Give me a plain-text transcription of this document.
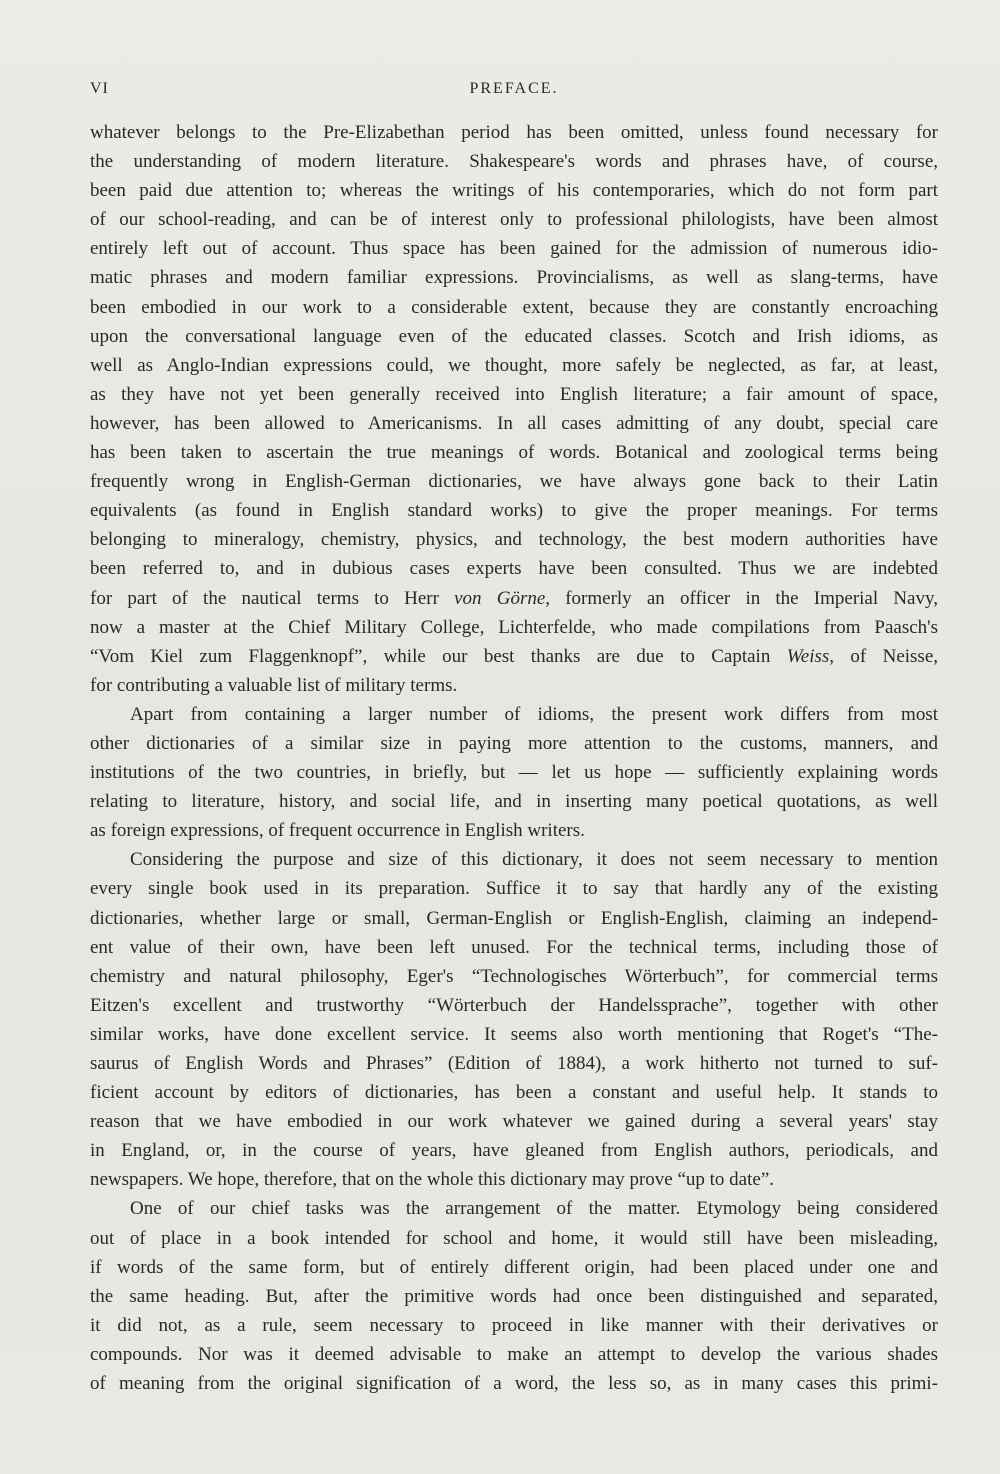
VI	PREFACE.

whatever belongs to the Pre-Elizabethan period has been omitted, unless found necessary for
the understanding of modern literature. Shakespeare's words and phrases have, of course,
been paid due attention to; whereas the writings of his contemporaries, which do not form part
of our school-reading, and can be of interest only to professional philologists, have been almost
entirely left out of account. Thus space has been gained for the admission of numerous idio-
matic phrases and modern familiar expressions. Provincialisms, as well as slang-terms, have
been embodied in our work to a considerable extent, because they are constantly encroaching
upon the conversational language even of the educated classes. Scotch and Irish idioms, as
well as Anglo-Indian expressions could, we thought, more safely be neglected, as far, at least,
as they have not yet been generally received into English literature; a fair amount of space,
however, has been allowed to Americanisms. In all cases admitting of any doubt, special care
has been taken to ascertain the true meanings of words. Botanical and zoological terms being
frequently wrong in English-German dictionaries, we have always gone back to their Latin
equivalents (as found in English standard works) to give the proper meanings. For terms
belonging to mineralogy, chemistry, physics, and technology, the best modern authorities have
been referred to, and in dubious cases experts have been consulted. Thus we are indebted
for part of the nautical terms to Herr von Görne, formerly an officer in the Imperial Navy,
now a master at the Chief Military College, Lichterfelde, who made compilations from Paasch's
“Vom Kiel zum Flaggenknopf”, while our best thanks are due to Captain Weiss, of Neisse,
for contributing a valuable list of military terms.

Apart from containing a larger number of idioms, the present work differs from most
other dictionaries of a similar size in paying more attention to the customs, manners, and
institutions of the two countries, in briefly, but — let us hope — sufficiently explaining words
relating to literature, history, and social life, and in inserting many poetical quotations, as well
as foreign expressions, of frequent occurrence in English writers.

Considering the purpose and size of this dictionary, it does not seem necessary to mention
every single book used in its preparation. Suffice it to say that hardly any of the existing
dictionaries, whether large or small, German-English or English-English, claiming an independ-
ent value of their own, have been left unused. For the technical terms, including those of
chemistry and natural philosophy, Eger's “Technologisches Wörterbuch”, for commercial terms
Eitzen's excellent and trustworthy “Wörterbuch der Handelssprache”, together with other
similar works, have done excellent service. It seems also worth mentioning that Roget's “The-
saurus of English Words and Phrases” (Edition of 1884), a work hitherto not turned to suf-
ficient account by editors of dictionaries, has been a constant and useful help. It stands to
reason that we have embodied in our work whatever we gained during a several years' stay
in England, or, in the course of years, have gleaned from English authors, periodicals, and
newspapers. We hope, therefore, that on the whole this dictionary may prove “up to date”.

One of our chief tasks was the arrangement of the matter. Etymology being considered
out of place in a book intended for school and home, it would still have been misleading,
if words of the same form, but of entirely different origin, had been placed under one and
the same heading. But, after the primitive words had once been distinguished and separated,
it did not, as a rule, seem necessary to proceed in like manner with their derivatives or
compounds. Nor was it deemed advisable to make an attempt to develop the various shades
of meaning from the original signification of a word, the less so, as in many cases this primi-
